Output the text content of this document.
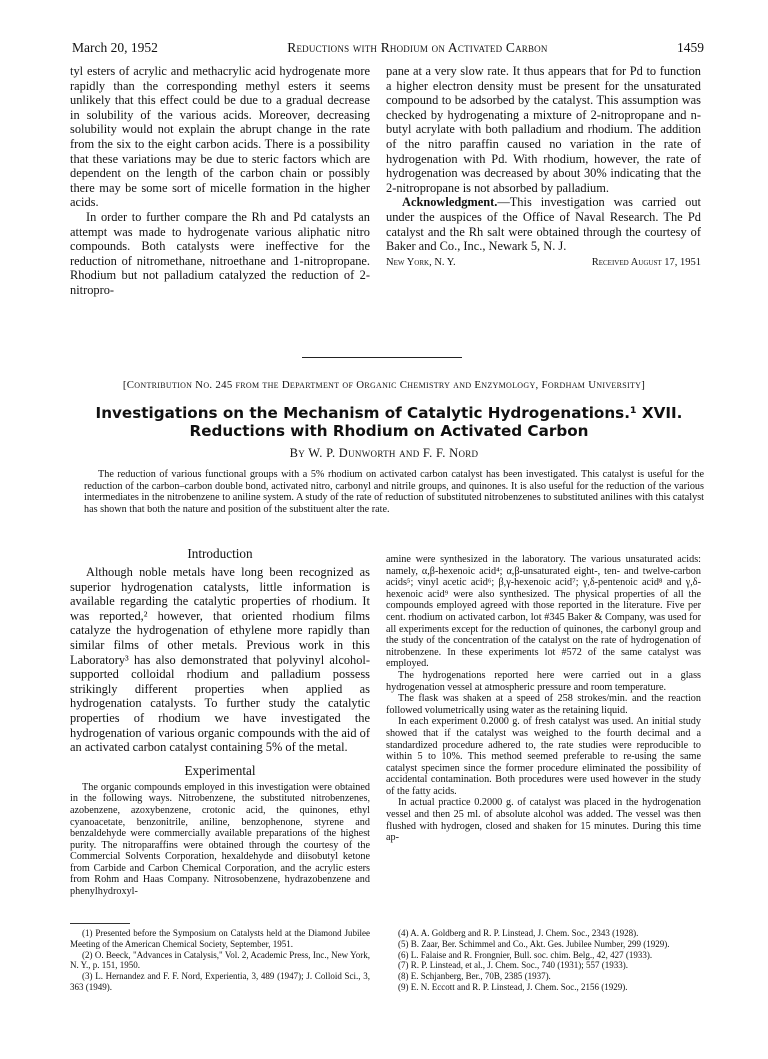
March 20, 1952	Reductions with Rhodium on Activated Carbon	1459

tyl esters of acrylic and methacrylic acid hydrogenate more rapidly than the corresponding methyl esters it seems unlikely that this effect could be due to a gradual decrease in solubility of the various acids. Moreover, decreasing solubility would not explain the abrupt change in the rate from the six to the eight carbon acids. There is a possibility that these variations may be due to steric factors which are dependent on the length of the carbon chain or possibly there may be some sort of micelle formation in the higher acids.

In order to further compare the Rh and Pd catalysts an attempt was made to hydrogenate various aliphatic nitro compounds. Both catalysts were ineffective for the reduction of nitromethane, nitroethane and 1-nitropropane. Rhodium but not palladium catalyzed the reduction of 2-nitropro-

pane at a very slow rate. It thus appears that for Pd to function a higher electron density must be present for the unsaturated compound to be adsorbed by the catalyst. This assumption was checked by hydrogenating a mixture of 2-nitropropane and n-butyl acrylate with both palladium and rhodium. The addition of the nitro paraffin caused no variation in the rate of hydrogenation with Pd. With rhodium, however, the rate of hydrogenation was decreased by about 30% indicating that the 2-nitropropane is not absorbed by palladium.

Acknowledgment.—This investigation was carried out under the auspices of the Office of Naval Research. The Pd catalyst and the Rh salt were obtained through the courtesy of Baker and Co., Inc., Newark 5, N. J.

New York, N. Y.	Received August 17, 1951
[Contribution No. 245 from the Department of Organic Chemistry and Enzymology, Fordham University]
Investigations on the Mechanism of Catalytic Hydrogenations.¹ XVII. Reductions with Rhodium on Activated Carbon
By W. P. Dunworth and F. F. Nord
The reduction of various functional groups with a 5% rhodium on activated carbon catalyst has been investigated. This catalyst is useful for the reduction of the carbon–carbon double bond, activated nitro, carbonyl and nitrile groups, and quinones. It is also useful for the reduction of the various intermediates in the nitrobenzene to aniline system. A study of the rate of reduction of substituted nitrobenzenes to substituted anilines with this catalyst has shown that both the nature and position of the substituent alter the rate.
Introduction

Although noble metals have long been recognized as superior hydrogenation catalysts, little information is available regarding the catalytic properties of rhodium. It was reported,² however, that oriented rhodium films catalyze the hydrogenation of ethylene more rapidly than similar films of other metals. Previous work in this Laboratory³ has also demonstrated that polyvinyl alcohol-supported colloidal rhodium and palladium possess strikingly different properties when applied as hydrogenation catalysts. To further study the catalytic properties of rhodium we have investigated the hydrogenation of various organic compounds with the aid of an activated carbon catalyst containing 5% of the metal.

Experimental

The organic compounds employed in this investigation were obtained in the following ways. Nitrobenzene, the substituted nitrobenzenes, azobenzene, azoxybenzene, crotonic acid, the quinones, ethyl cyanoacetate, benzonitrile, aniline, benzophenone, styrene and benzaldehyde were commercially available preparations of the highest purity. The nitroparaffins were obtained through the courtesy of the Commercial Solvents Corporation, hexaldehyde and diisobutyl ketone from Carbide and Carbon Chemical Corporation, and the acrylic esters from Rohm and Haas Company. Nitrosobenzene, hydrazobenzene and phenylhydroxyl-

amine were synthesized in the laboratory. The various unsaturated acids: namely, α,β-hexenoic acid⁴; α,β-unsaturated eight-, ten- and twelve-carbon acids⁵; vinyl acetic acid⁶; β,γ-hexenoic acid⁷; γ,δ-pentenoic acid⁸ and γ,δ-hexenoic acid⁹ were also synthesized. The physical properties of all the compounds employed agreed with those reported in the literature. Five per cent. rhodium on activated carbon, lot #345 Baker & Company, was used for all experiments except for the reduction of quinones, the carbonyl group and the study of the concentration of the catalyst on the rate of hydrogenation of nitrobenzene. In these experiments lot #572 of the same catalyst was employed.

The hydrogenations reported here were carried out in a glass hydrogenation vessel at atmospheric pressure and room temperature.

The flask was shaken at a speed of 258 strokes/min. and the reaction followed volumetrically using water as the retaining liquid.

In each experiment 0.2000 g. of fresh catalyst was used. An initial study showed that if the catalyst was weighed to the fourth decimal and a standardized procedure adhered to, the rate studies were reproducible to within 5 to 10%. This method seemed preferable to re-using the same catalyst specimen since the former procedure eliminated the possibility of accidental contamination. Both procedures were used however in the study of the fatty acids.

In actual practice 0.2000 g. of catalyst was placed in the hydrogenation vessel and then 25 ml. of absolute alcohol was added. The vessel was then flushed with hydrogen, closed and shaken for 15 minutes. During this time ap-

(1) Presented before the Symposium on Catalysts held at the Diamond Jubilee Meeting of the American Chemical Society, September, 1951.

(2) O. Beeck, "Advances in Catalysis," Vol. 2, Academic Press, Inc., New York, N. Y., p. 151, 1950.

(3) L. Hernandez and F. F. Nord, Experientia, 3, 489 (1947); J. Colloid Sci., 3, 363 (1949).

(4) A. A. Goldberg and R. P. Linstead, J. Chem. Soc., 2343 (1928).

(5) B. Zaar, Ber. Schimmel and Co., Akt. Ges. Jubilee Number, 299 (1929).

(6) L. Falaise and R. Frongnier, Bull. soc. chim. Belg., 42, 427 (1933).

(7) R. P. Linstead, et al., J. Chem. Soc., 740 (1931); 557 (1933).

(8) E. Schjanberg, Ber., 70B, 2385 (1937).

(9) E. N. Eccott and R. P. Linstead, J. Chem. Soc., 2156 (1929).
